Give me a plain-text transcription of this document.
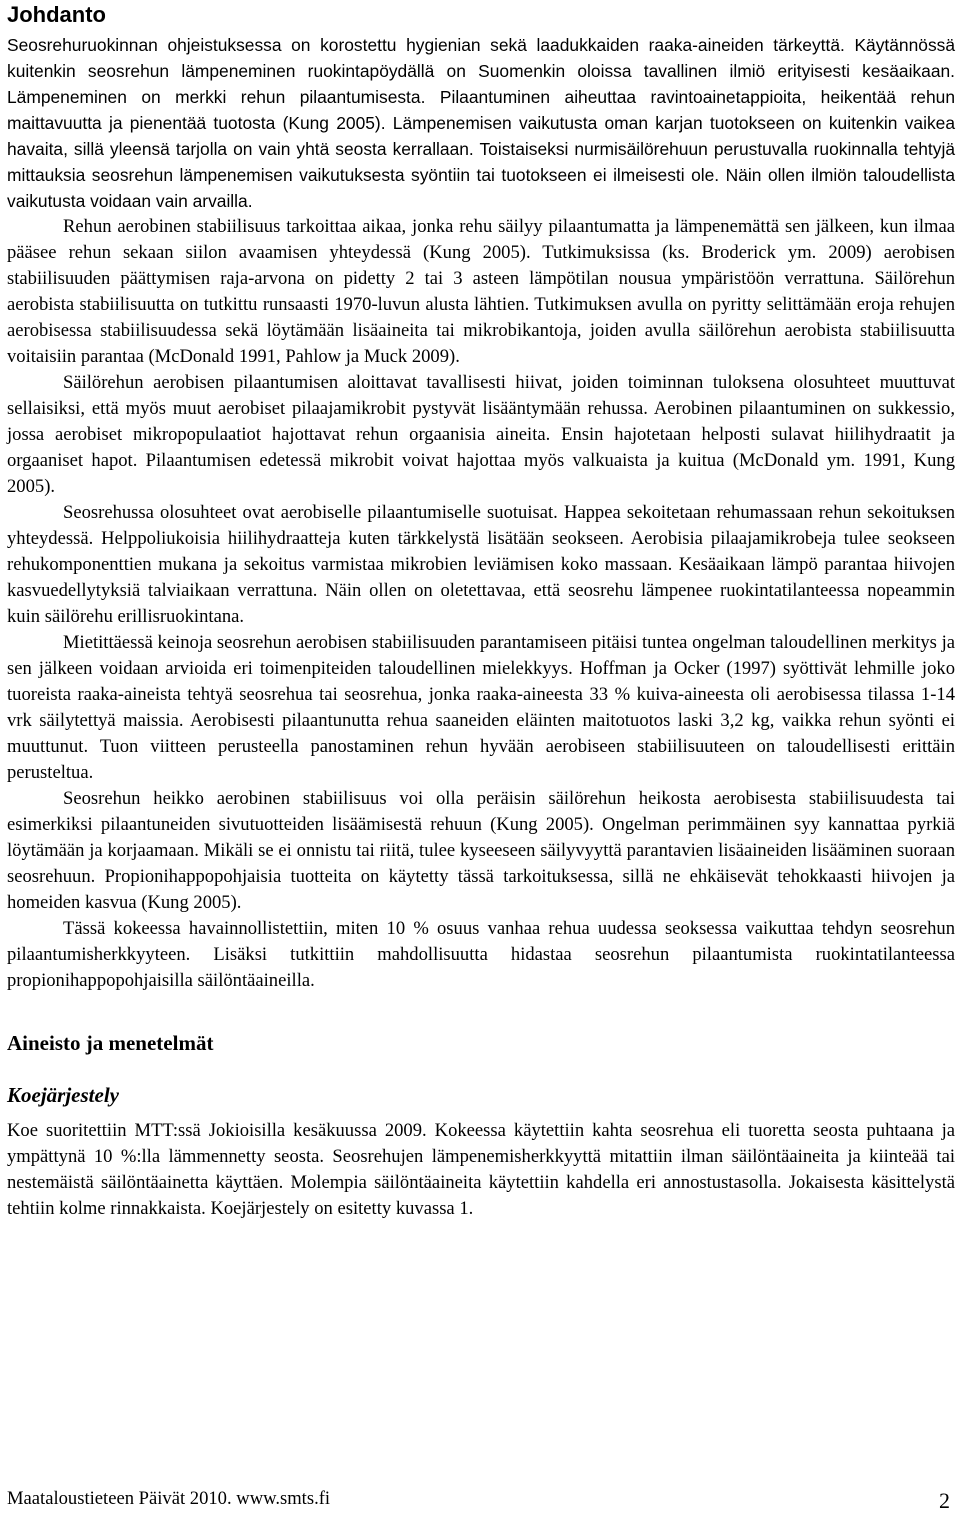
Johdanto

Seosrehuruokinnan ohjeistuksessa on korostettu hygienian sekä laadukkaiden raaka-aineiden tärkeyttä. Käytännössä kuitenkin seosrehun lämpeneminen ruokintapöydällä on Suomenkin oloissa tavallinen ilmiö erityisesti kesäaikaan. Lämpeneminen on merkki rehun pilaantumisesta. Pilaantuminen aiheuttaa ravintoainetappioita, heikentää rehun maittavuutta ja pienentää tuotosta (Kung 2005). Lämpenemisen vaikutusta oman karjan tuotokseen on kuitenkin vaikea havaita, sillä yleensä tarjolla on vain yhtä seosta kerrallaan. Toistaiseksi nurmisäilörehuun perustuvalla ruokinnalla tehtyjä mittauksia seosrehun lämpenemisen vaikutuksesta syöntiin tai tuotokseen ei ilmeisesti ole. Näin ollen ilmiön taloudellista vaikutusta voidaan vain arvailla.

Rehun aerobinen stabiilisuus tarkoittaa aikaa, jonka rehu säilyy pilaantumatta ja lämpenemättä sen jälkeen, kun ilmaa pääsee rehun sekaan siilon avaamisen yhteydessä (Kung 2005). Tutkimuksissa (ks. Broderick ym. 2009) aerobisen stabiilisuuden päättymisen raja-arvona on pidetty 2 tai 3 asteen lämpötilan nousua ympäristöön verrattuna. Säilörehun aerobista stabiilisuutta on tutkittu runsaasti 1970-luvun alusta lähtien. Tutkimuksen avulla on pyritty selittämään eroja rehujen aerobisessa stabiilisuudessa sekä löytämään lisäaineita tai mikrobikantoja, joiden avulla säilörehun aerobista stabiilisuutta voitaisiin parantaa (McDonald 1991, Pahlow ja Muck 2009).

Säilörehun aerobisen pilaantumisen aloittavat tavallisesti hiivat, joiden toiminnan tuloksena olosuhteet muuttuvat sellaisiksi, että myös muut aerobiset pilaajamikrobit pystyvät lisääntymään rehussa. Aerobinen pilaantuminen on sukkessio, jossa aerobiset mikropopulaatiot hajottavat rehun orgaanisia aineita. Ensin hajotetaan helposti sulavat hiilihydraatit ja orgaaniset hapot. Pilaantumisen edetessä mikrobit voivat hajottaa myös valkuaista ja kuitua (McDonald ym. 1991, Kung 2005).

Seosrehussa olosuhteet ovat aerobiselle pilaantumiselle suotuisat. Happea sekoitetaan rehumassaan rehun sekoituksen yhteydessä. Helppoliukoisia hiilihydraatteja kuten tärkkelystä lisätään seokseen. Aerobisia pilaajamikrobeja tulee seokseen rehukomponenttien mukana ja sekoitus varmistaa mikrobien leviämisen koko massaan. Kesäaikaan lämpö parantaa hiivojen kasvuedellytyksiä talviaikaan verrattuna. Näin ollen on oletettavaa, että seosrehu lämpenee ruokintatilanteessa nopeammin kuin säilörehu erillisruokintana.

Mietittäessä keinoja seosrehun aerobisen stabiilisuuden parantamiseen pitäisi tuntea ongelman taloudellinen merkitys ja sen jälkeen voidaan arvioida eri toimenpiteiden taloudellinen mielekkyys. Hoffman ja Ocker (1997) syöttivät lehmille joko tuoreista raaka-aineista tehtyä seosrehua tai seosrehua, jonka raaka-aineesta 33 % kuiva-aineesta oli aerobisessa tilassa 1-14 vrk säilytettyä maissia. Aerobisesti pilaantunutta rehua saaneiden eläinten maitotuotos laski 3,2 kg, vaikka rehun syönti ei muuttunut. Tuon viitteen perusteella panostaminen rehun hyvään aerobiseen stabiilisuuteen on taloudellisesti erittäin perusteltua.

Seosrehun heikko aerobinen stabiilisuus voi olla peräisin säilörehun heikosta aerobisesta stabiilisuudesta tai esimerkiksi pilaantuneiden sivutuotteiden lisäämisestä rehuun (Kung 2005). Ongelman perimmäinen syy kannattaa pyrkiä löytämään ja korjaamaan. Mikäli se ei onnistu tai riitä, tulee kyseeseen säilyvyyttä parantavien lisäaineiden lisääminen suoraan seosrehuun. Propionihappopohjaisia tuotteita on käytetty tässä tarkoituksessa, sillä ne ehkäisevät tehokkaasti hiivojen ja homeiden kasvua (Kung 2005).

Tässä kokeessa havainnollistettiin, miten 10 % osuus vanhaa rehua uudessa seoksessa vaikuttaa tehdyn seosrehun pilaantumisherkkyyteen. Lisäksi tutkittiin mahdollisuutta hidastaa seosrehun pilaantumista ruokintatilanteessa propionihappopohjaisilla säilöntäaineilla.

Aineisto ja menetelmät
Koejärjestely

Koe suoritettiin MTT:ssä Jokioisilla kesäkuussa 2009. Kokeessa käytettiin kahta seosrehua eli tuoretta seosta puhtaana ja ympättynä 10 %:lla lämmennetty seosta. Seosrehujen lämpenemisherkkyyttä mitattiin ilman säilöntäaineita ja kiinteää tai nestemäistä säilöntäainetta käyttäen. Molempia säilöntäaineita käytettiin kahdella eri annostustasolla. Jokaisesta käsittelystä tehtiin kolme rinnakkaista. Koejärjestely on esitetty kuvassa 1.

Maataloustieteen Päivät 2010. www.smts.fi	2
